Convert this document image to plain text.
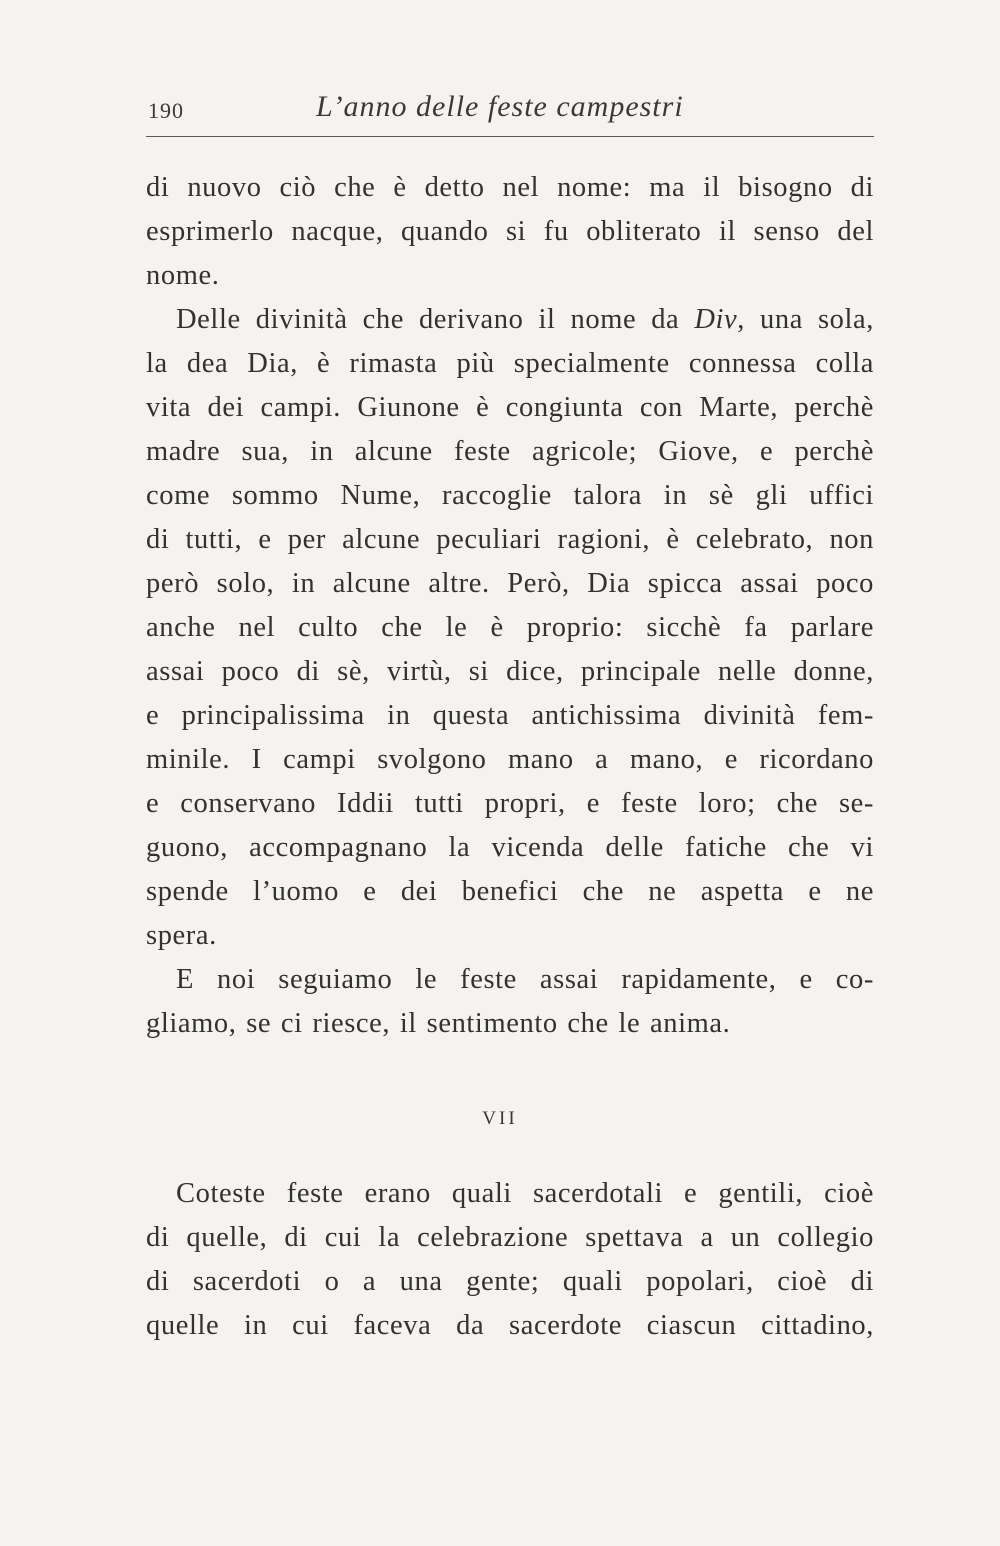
190	L’anno delle feste campestri
di nuovo ciò che è detto nel nome: ma il bisogno di
esprimerlo nacque, quando si fu obliterato il senso del
nome.
Delle divinità che derivano il nome da Div, una sola,
la dea Dia, è rimasta più specialmente connessa colla
vita dei campi. Giunone è congiunta con Marte, perchè
madre sua, in alcune feste agricole; Giove, e perchè
come sommo Nume, raccoglie talora in sè gli uffici
di tutti, e per alcune peculiari ragioni, è celebrato, non
però solo, in alcune altre. Però, Dia spicca assai poco
anche nel culto che le è proprio: sicchè fa parlare
assai poco di sè, virtù, si dice, principale nelle donne,
e principalissima in questa antichissima divinità fem-
minile. I campi svolgono mano a mano, e ricordano
e conservano Iddii tutti propri, e feste loro; che se-
guono, accompagnano la vicenda delle fatiche che vi
spende l’uomo e dei benefici che ne aspetta e ne
spera.
E noi seguiamo le feste assai rapidamente, e co-
gliamo, se ci riesce, il sentimento che le anima.
VII
Coteste feste erano quali sacerdotali e gentili, cioè
di quelle, di cui la celebrazione spettava a un collegio
di sacerdoti o a una gente; quali popolari, cioè di
quelle in cui faceva da sacerdote ciascun cittadino,
